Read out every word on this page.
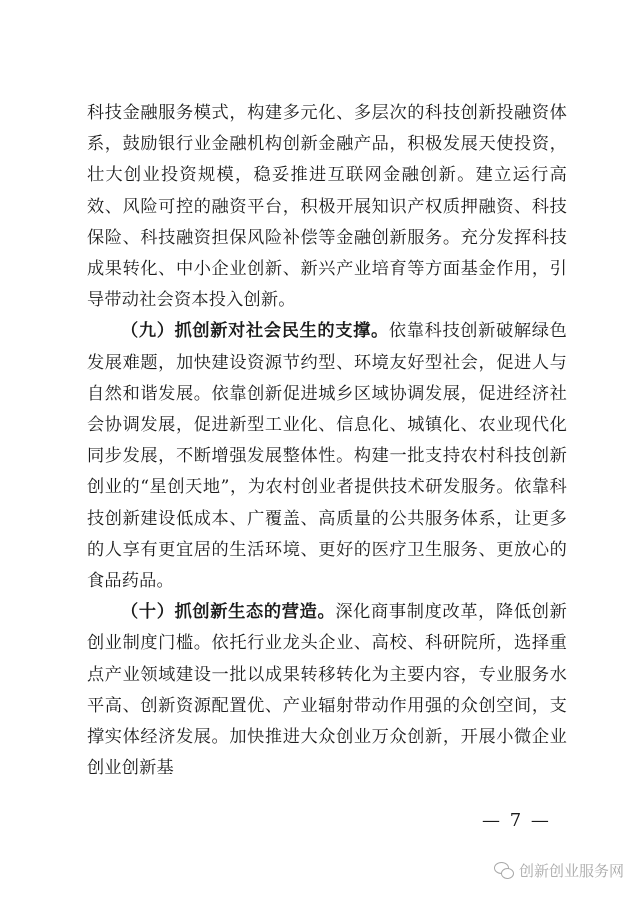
科技金融服务模式，构建多元化、多层次的科技创新投融资体系，鼓励银行业金融机构创新金融产品，积极发展天使投资，壮大创业投资规模，稳妥推进互联网金融创新。建立运行高效、风险可控的融资平台，积极开展知识产权质押融资、科技保险、科技融资担保风险补偿等金融创新服务。充分发挥科技成果转化、中小企业创新、新兴产业培育等方面基金作用，引导带动社会资本投入创新。

（九）抓创新对社会民生的支撑。依靠科技创新破解绿色发展难题，加快建设资源节约型、环境友好型社会，促进人与自然和谐发展。依靠创新促进城乡区域协调发展，促进经济社会协调发展，促进新型工业化、信息化、城镇化、农业现代化同步发展，不断增强发展整体性。构建一批支持农村科技创新创业的“星创天地”，为农村创业者提供技术研发服务。依靠科技创新建设低成本、广覆盖、高质量的公共服务体系，让更多的人享有更宜居的生活环境、更好的医疗卫生服务、更放心的食品药品。

（十）抓创新生态的营造。深化商事制度改革，降低创新创业制度门槛。依托行业龙头企业、高校、科研院所，选择重点产业领域建设一批以成果转移转化为主要内容，专业服务水平高、创新资源配置优、产业辐射带动作用强的众创空间，支撑实体经济发展。加快推进大众创业万众创新，开展小微企业创业创新基

— 7 —
创新创业服务网
